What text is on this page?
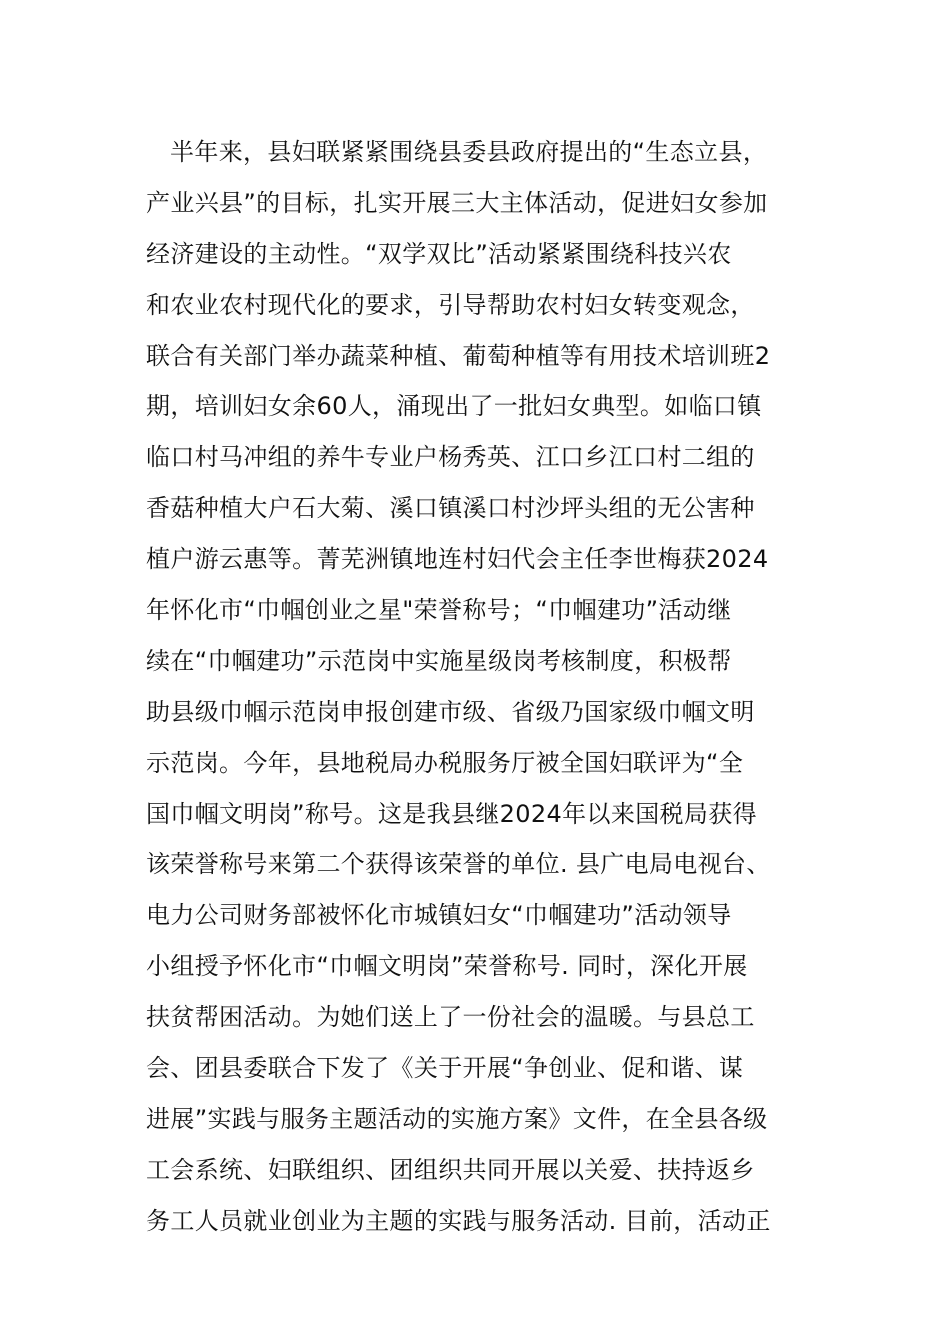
半年来，县妇联紧紧围绕县委县政府提出的“生态立县，
产业兴县”的目标，扎实开展三大主体活动，促进妇女参加
经济建设的主动性。“双学双比”活动紧紧围绕科技兴农
和农业农村现代化的要求，引导帮助农村妇女转变观念，
联合有关部门举办蔬菜种植、葡萄种植等有用技术培训班2
期，培训妇女余60人，涌现出了一批妇女典型。如临口镇
临口村马冲组的养牛专业户杨秀英、江口乡江口村二组的
香菇种植大户石大菊、溪口镇溪口村沙坪头组的无公害种
植户游云惠等。菁芜洲镇地连村妇代会主任李世梅获2024
年怀化市“巾帼创业之星"荣誉称号；“巾帼建功”活动继
续在“巾帼建功”示范岗中实施星级岗考核制度，积极帮
助县级巾帼示范岗申报创建市级、省级乃国家级巾帼文明
示范岗。今年，县地税局办税服务厅被全国妇联评为“全
国巾帼文明岗”称号。这是我县继2024年以来国税局获得
该荣誉称号来第二个获得该荣誉的单位. 县广电局电视台、
电力公司财务部被怀化市城镇妇女“巾帼建功”活动领导
小组授予怀化市“巾帼文明岗”荣誉称号. 同时，深化开展
扶贫帮困活动。为她们送上了一份社会的温暖。与县总工
会、团县委联合下发了《关于开展“争创业、促和谐、谋
进展”实践与服务主题活动的实施方案》文件，在全县各级
工会系统、妇联组织、团组织共同开展以关爱、扶持返乡
务工人员就业创业为主题的实践与服务活动. 目前，活动正
